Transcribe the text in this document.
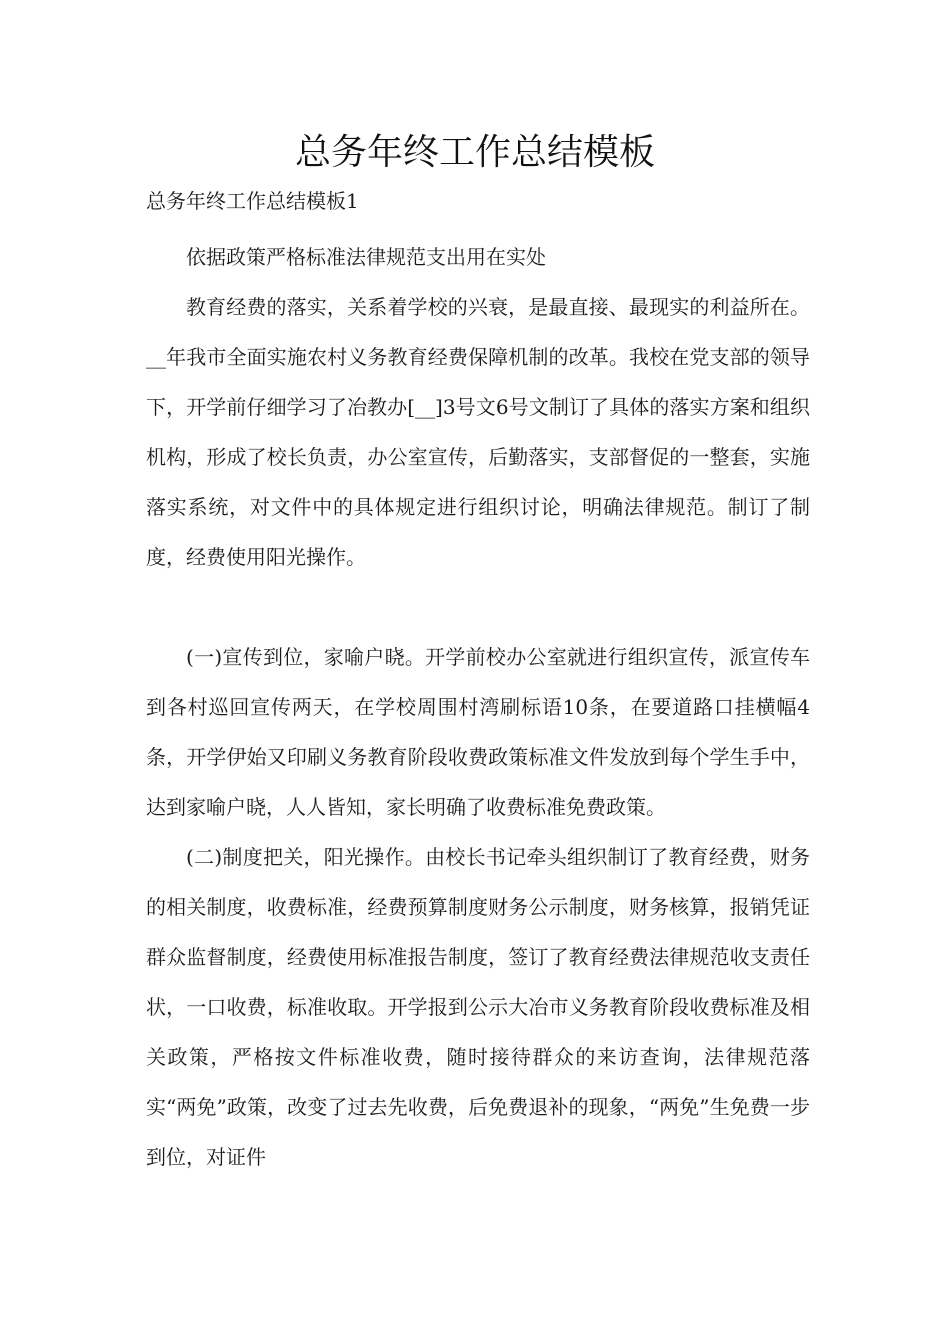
总务年终工作总结模板

总务年终工作总结模板1

依据政策严格标准法律规范支出用在实处

教育经费的落实，关系着学校的兴衰，是最直接、最现实的利益所在。__年我市全面实施农村义务教育经费保障机制的改革。我校在党支部的领导下，开学前仔细学习了冶教办[__]3号文6号文制订了具体的落实方案和组织机构，形成了校长负责，办公室宣传，后勤落实，支部督促的一整套，实施落实系统，对文件中的具体规定进行组织讨论，明确法律规范。制订了制度，经费使用阳光操作。

(一)宣传到位，家喻户晓。开学前校办公室就进行组织宣传，派宣传车到各村巡回宣传两天，在学校周围村湾刷标语10条，在要道路口挂横幅4条，开学伊始又印刷义务教育阶段收费政策标准文件发放到每个学生手中，达到家喻户晓，人人皆知，家长明确了收费标准免费政策。

(二)制度把关，阳光操作。由校长书记牵头组织制订了教育经费，财务的相关制度，收费标准，经费预算制度财务公示制度，财务核算，报销凭证群众监督制度，经费使用标准报告制度，签订了教育经费法律规范收支责任状，一口收费，标准收取。开学报到公示大冶市义务教育阶段收费标准及相关政策，严格按文件标准收费，随时接待群众的来访查询，法律规范落实“两免”政策，改变了过去先收费，后免费退补的现象，“两免”生免费一步到位，对证件
